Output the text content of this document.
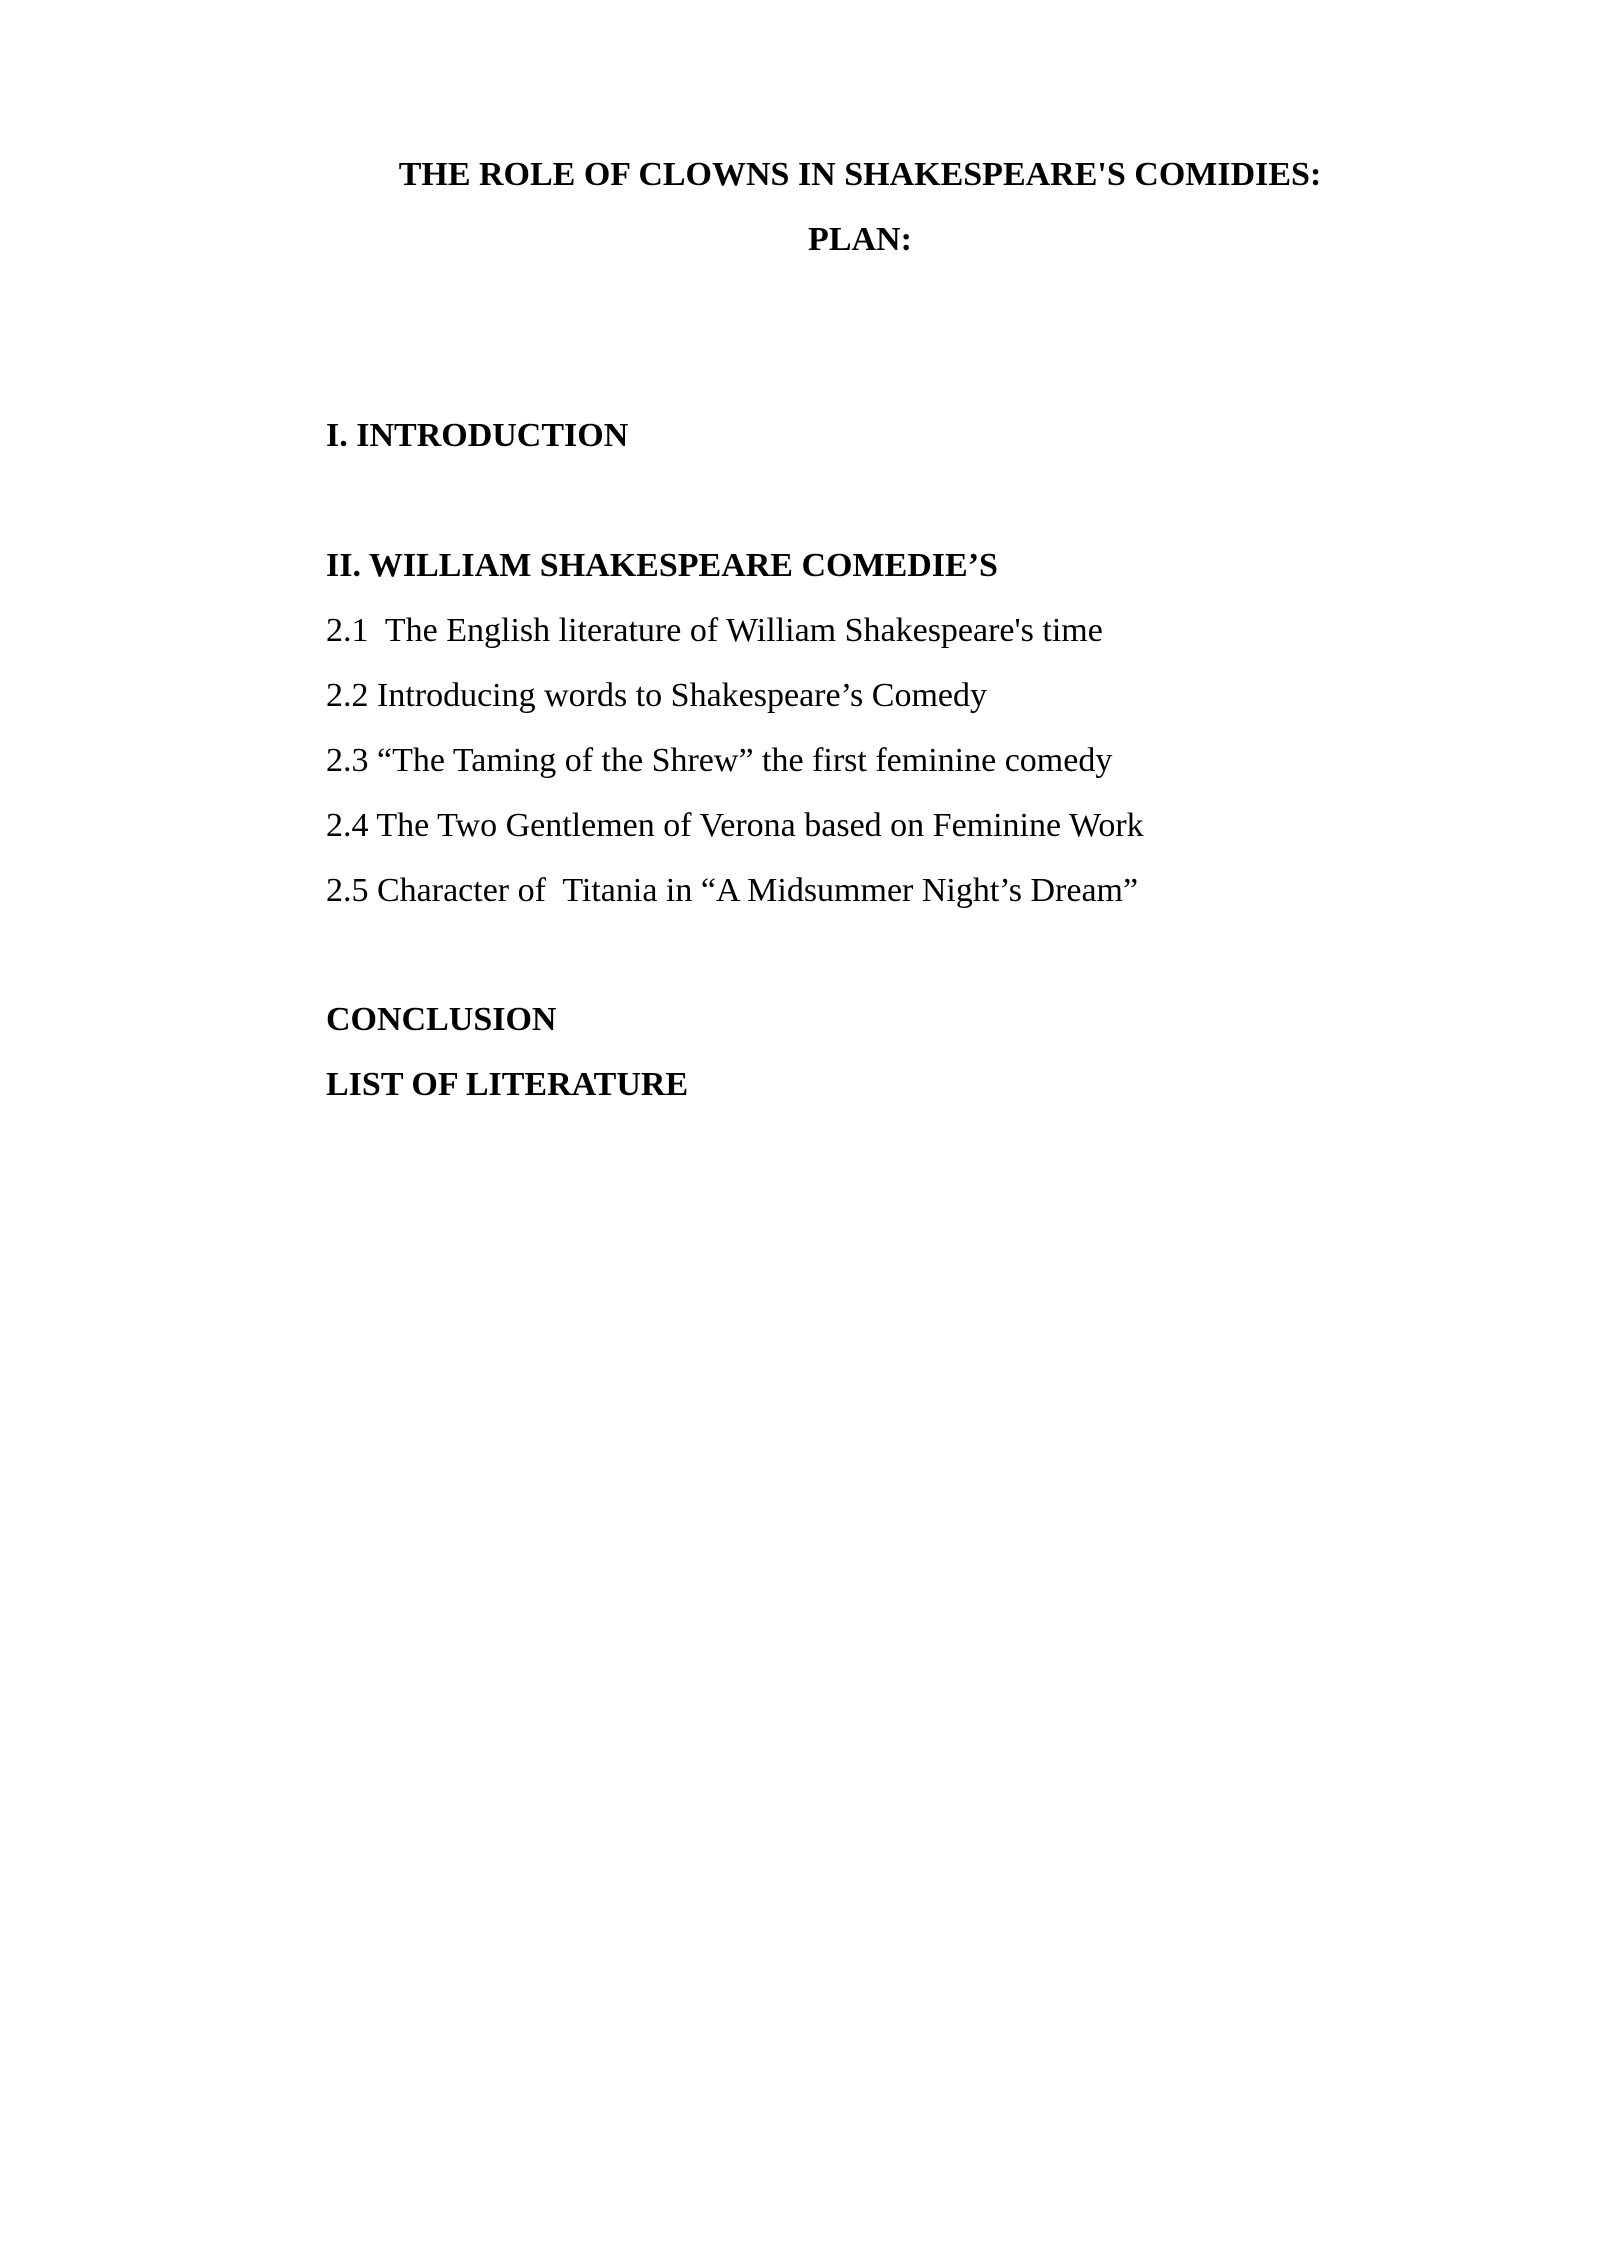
THE ROLE OF CLOWNS IN SHAKESPEARE'S COMIDIES:
PLAN:
I. INTRODUCTION
II. WILLIAM SHAKESPEARE COMEDIE’S
2.1  The English literature of William Shakespeare's time
2.2 Introducing words to Shakespeare’s Comedy
2.3 “The Taming of the Shrew” the first feminine comedy
2.4 The Two Gentlemen of Verona based on Feminine Work
2.5 Character of  Titania in “A Midsummer Night’s Dream”
CONCLUSION
LIST OF LITERATURE
